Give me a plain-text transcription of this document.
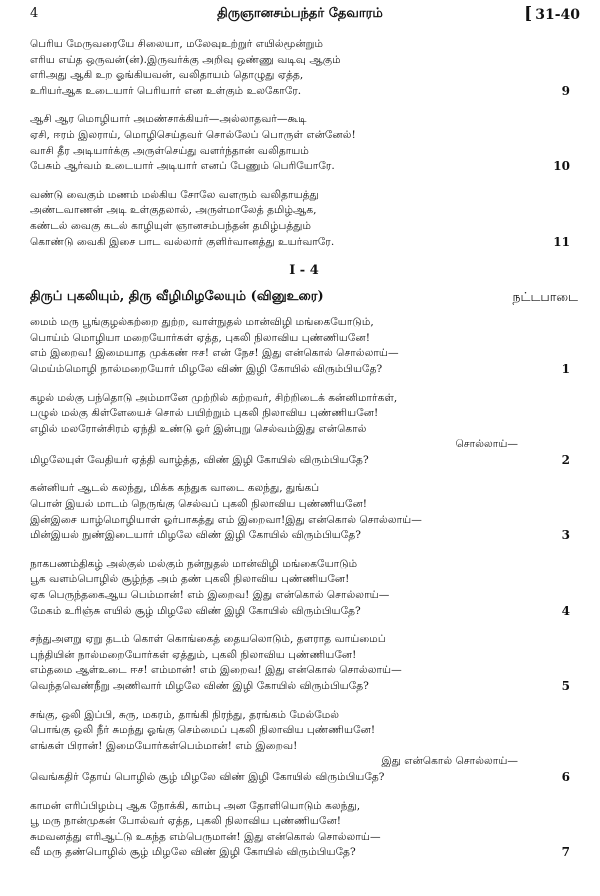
4	திருஞானசம்பந்தர் தேவாரம்	[ 31-40
பெரிய மேருவரையே சிலையா, மலேவுஉற்றுர் எயில்மூன்றும்
எரிய எய்த ஒருவன்(ன்).இருவர்க்கு அறிவு ஒண்ணு வடிவு ஆகும்
எரிஅது ஆகி உற ஓங்கியவன், வலிதாயம் தொழுது ஏத்த,
உரியர்ஆக உடையார் பெரியார் என உள்கும் உலகோரே.	9
ஆசி ஆர மொழியார் அமண்சாக்கியர்—அல்லாதவர்—கூடி
ஏசி, ஈரம் இலராய், மொழிசெய்தவர் சொல்லேப் பொருள் என்னேல்!
வாசி தீர அடியார்க்கு அருள்செய்து வளர்ந்தான் வலிதாயம்
பேசும் ஆர்வம் உடையார் அடியார் எனப் பேணும் பெரியோரே.	10
வண்டு வைகும் மணம் மல்கிய சோலே வளரும் வலிதாயத்து
அண்டவாணன் அடி உள்குதலால், அருள்மாலேத் தமிழ்ஆக,
கண்டல் வைகு கடல் காழியுள் ஞானசம்பந்தன் தமிழ்பத்தும்
கொண்டு வைகி இசை பாட வல்லார் குளிர்வானத்து உயர்வாரே.	11
I - 4
திருப் புகலியும், திரு வீழிமிழலேயும் (வினுஉரை)	நட்டபாடை
மைம் மரு பூங்குழல்கற்றை துற்ற, வாள்நுதல் மான்விழி மங்கையோடும்,
பொய்ம் மொழியா மறையோர்கள் ஏத்த, புகலி நிலாவிய புண்ணியனே!
எம் இறைவ! இமையாத முக்கண் ஈச! என் நேச! இது என்கொல் சொல்லாய்—
மெய்ம்மொழி நால்மறையோர் மிழலே விண் இழி கோயில் விரும்பியதே?	1
கழல் மல்கு பந்தொடு அம்மானே முற்றில் கற்றவர், சிற்றிடைக் கன்னிமார்கள்,
பழுல் மல்கு கிள்ளேயைச் சொல் பயிற்றும் புகலி நிலாவிய புண்ணியனே!
எழில் மலரோன்சிரம் ஏந்தி உண்டு ஓர் இன்புறு செல்வம்இது என்கொல்
சொல்லாய்—
மிழலேயுள் வேதியர் ஏத்தி வாழ்த்த, விண் இழி கோயில் விரும்பியதே?	2
கன்னியர் ஆடல் கலந்து, மிக்க கந்துக வாடை கலந்து, துங்கப்
பொன் இயல் மாடம் நெருங்கு செல்வப் புகலி நிலாவிய புண்ணியனே!
இன்இசை யாழ்மொழியாள் ஓர்பாகத்து எம் இறைவா!இது என்கொல் சொல்லாய்—
மின்இயல் நுண்இடையார் மிழலே விண் இழி கோயில் விரும்பியதே?	3
நாகபணம்திகழ் அல்குல் மல்கும் நன்நுதல் மான்விழி மங்கையோடும்
பூக வளம்பொழில் சூழ்ந்த அம் தண் புகலி நிலாவிய புண்ணியனே!
ஏக பெருந்தகைஆய பெம்மான்! எம் இறைவ! இது என்கொல் சொல்லாய்—
மேகம் உரிஞ்சு எயில் சூழ் மிழலே விண் இழி கோயில் விரும்பியதே?	4
சந்துஅளறு ஏறு தடம் கொள் கொங்கைத் தையலொடும், தளராத வாய்மைப்
புந்தியின் நால்மறையோர்கள் ஏத்தும், புகலி நிலாவிய புண்ணியனே!
எம்தமை ஆள்உடை ஈச! எம்மான்! எம் இறைவ! இது என்கொல் சொல்லாய்—
வெந்தவெண்நீறு அணிவார் மிழலே விண் இழி கோயில் விரும்பியதே?	5
சங்கு, ஒலி இப்பி, சுரு, மகரம், தாங்கி நிரந்து, தரங்கம் மேல்மேல்
பொங்கு ஒலி நீர் சுமந்து ஓங்கு செம்மைப் புகலி நிலாவிய புண்ணியனே!
எங்கள் பிரான்! இமையோர்கள்பெம்மான்! எம் இறைவ!
இது என்கொல் சொல்லாய்—
வெங்கதிர் தோய் பொழில் சூழ் மிழலே விண் இழி கோயில் விரும்பியதே?	6
காமன் எரிப்பிழம்பு ஆக நோக்கி, காம்பு அன தோளியொடும் கலந்து,
பூ மரு நான்முகன் போல்வர் ஏத்த, புகலி நிலாவிய புண்ணியனே!
சுமவனத்து எரிஆட்டு உகந்த எம்பெருமான்! இது என்கொல் சொல்லாய்—
வீ மரு தண்பொழில் சூழ் மிழலே விண் இழி கோயில் விரும்பியதே?	7
